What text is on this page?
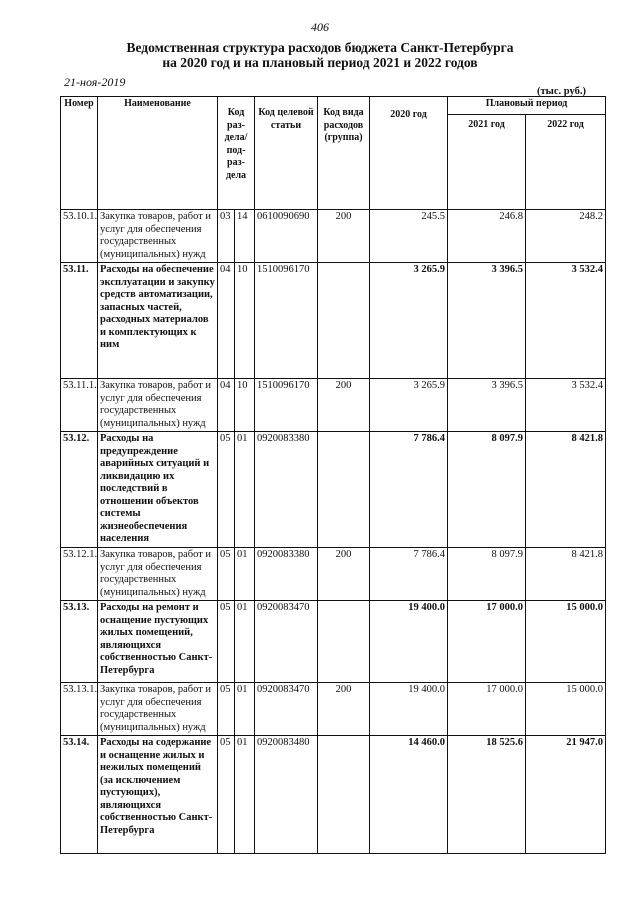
406
Ведомственная структура расходов бюджета Санкт-Петербурга
на 2020 год и на плановый период 2021 и 2022 годов
21-ноя-2019
(тыс. руб.)
Номер	Наименование	Код раз-дела/ под-раз-дела		Код целевой статьи	Код вида расходов (группа)	2020 год	Плановый период	
							2021 год	2022 год
53.10.1.	Закупка товаров, работ и услуг для обеспечения государственных (муниципальных) нужд	03	14	0610090690	200	245.5	246.8	248.2
53.11.	Расходы на обеспечение эксплуатации и закупку средств автоматизации, запасных частей, расходных материалов и комплектующих к ним	04	10	1510096170		3 265.9	3 396.5	3 532.4
53.11.1.	Закупка товаров, работ и услуг для обеспечения государственных (муниципальных) нужд	04	10	1510096170	200	3 265.9	3 396.5	3 532.4
53.12.	Расходы на предупреждение аварийных ситуаций и ликвидацию их последствий в отношении объектов системы жизнеобеспечения населения	05	01	0920083380		7 786.4	8 097.9	8 421.8
53.12.1.	Закупка товаров, работ и услуг для обеспечения государственных (муниципальных) нужд	05	01	0920083380	200	7 786.4	8 097.9	8 421.8
53.13.	Расходы на ремонт и оснащение пустующих жилых помещений, являющихся собственностью Санкт-Петербурга	05	01	0920083470		19 400.0	17 000.0	15 000.0
53.13.1.	Закупка товаров, работ и услуг для обеспечения государственных (муниципальных) нужд	05	01	0920083470	200	19 400.0	17 000.0	15 000.0
53.14.	Расходы на содержание и оснащение жилых и нежилых помещений (за исключением пустующих), являющихся собственностью Санкт-Петербурга	05	01	0920083480		14 460.0	18 525.6	21 947.0
